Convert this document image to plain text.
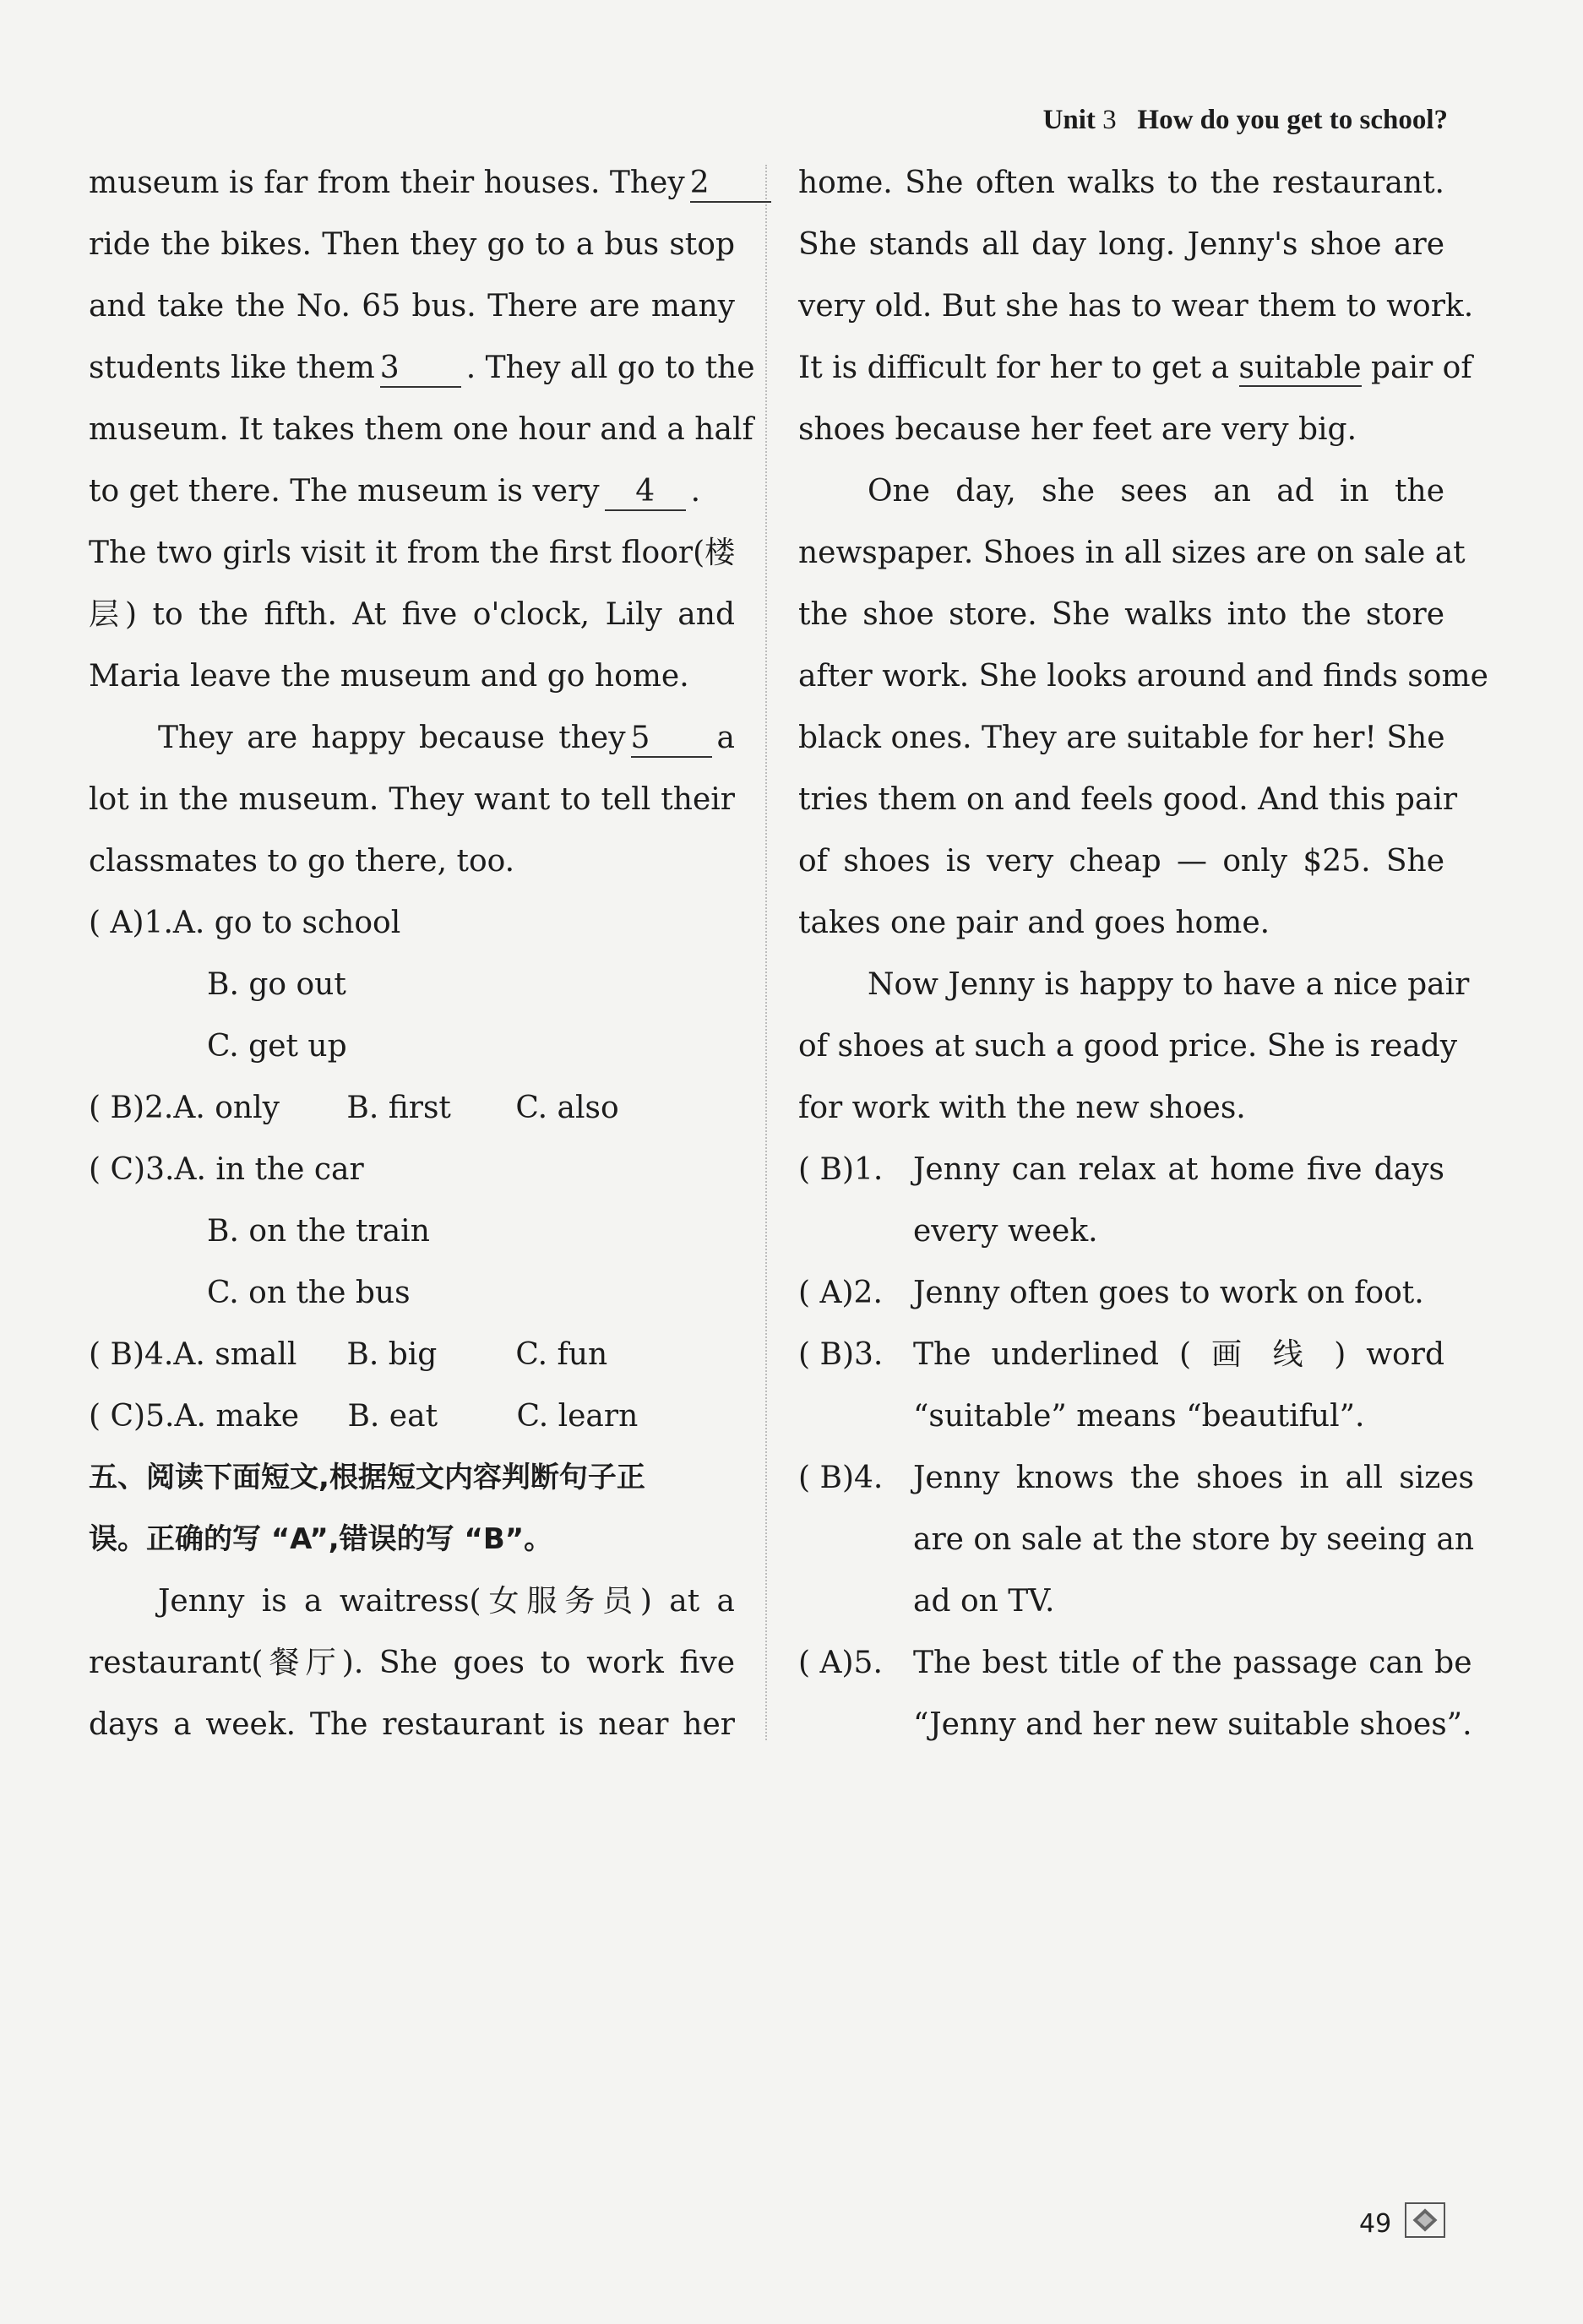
Unit 3 How do you get to school?
museum is far from their houses. They 2
ride the bikes. Then they go to a bus stop
and take the No. 65 bus. There are many
students like them 3 . They all go to the
museum. It takes them one hour and a half
to get there. The museum is very 4 .
The two girls visit it from the first floor(楼
层) to the fifth. At five o'clock, Lily and
Maria leave the museum and go home.
They are happy because they 5 a
lot in the museum. They want to tell their
classmates to go there, too.
( A)1.A. go to school
B. go out
C. get up
( B)2.A. only B. first C. also
( C)3.A. in the car
B. on the train
C. on the bus
( B)4.A. small B. big	C. fun
( C)5.A. make B. eat	C. learn
五、阅读下面短文,根据短文内容判断句子正
误。正确的写 “A”,错误的写 “B”。
Jenny is a waitress(女服务员) at a
restaurant(餐厅). She goes to work five
days a week. The restaurant is near her
home. She often walks to the restaurant.
She stands all day long. Jenny's shoe are
very old. But she has to wear them to work.
It is difficult for her to get a suitable pair of
shoes because her feet are very big.
One day, she sees an ad in the
newspaper. Shoes in all sizes are on sale at
the shoe store. She walks into the store
after work. She looks around and finds some
black ones. They are suitable for her! She
tries them on and feels good. And this pair
of shoes is very cheap — only $25. She
takes one pair and goes home.
Now Jenny is happy to have a nice pair
of shoes at such a good price. She is ready
for work with the new shoes.
( B)1. Jenny can relax at home five days
every week.
( A)2.	Jenny often goes to work on foot.
( B)3. The underlined ( 画 线 ) word
“suitable” means “beautiful”.
( B)4. Jenny knows the shoes in all sizes
are on sale at the store by seeing an
ad on TV.
( A)5.	The best title of the passage can be
“Jenny and her new suitable shoes”.
49
